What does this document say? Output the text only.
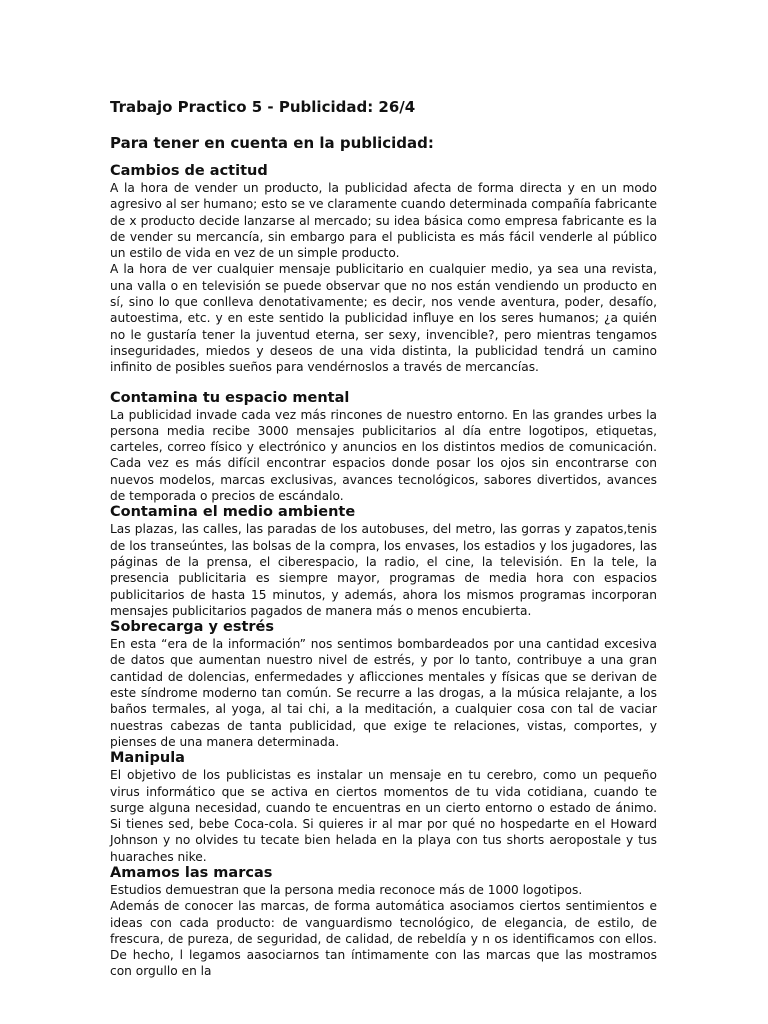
Trabajo Practico 5 - Publicidad: 26/4
Para tener en cuenta en la publicidad:
Cambios de actitud

A la hora de vender un producto, la publicidad afecta de forma directa y en un modo agresivo al ser humano; esto se ve claramente cuando determinada compañía fabricante de x producto decide lanzarse al mercado; su idea básica como empresa fabricante es la de vender su mercancía, sin embargo para el publicista es más fácil venderle al público un estilo de vida en vez de un simple producto.

A la hora de ver cualquier mensaje publicitario en cualquier medio, ya sea una revista, una valla o en televisión se puede observar que no nos están vendiendo un producto en sí, sino lo que conlleva denotativamente; es decir, nos vende aventura, poder, desafío, autoestima, etc. y en este sentido la publicidad influye en los seres humanos; ¿a quién no le gustaría tener la juventud eterna, ser sexy, invencible?, pero mientras tengamos inseguridades, miedos y deseos de una vida distinta, la publicidad tendrá un camino infinito de posibles sueños para vendérnoslos a través de mercancías.

Contamina tu espacio mental

La publicidad invade cada vez más rincones de nuestro entorno. En las grandes urbes la persona media recibe 3000 mensajes publicitarios al día entre logotipos, etiquetas, carteles, correo físico y electrónico y anuncios en los distintos medios de comunicación. Cada vez es más difícil encontrar espacios donde posar los ojos sin encontrarse con nuevos modelos, marcas exclusivas, avances tecnológicos, sabores divertidos, avances de temporada o precios de escándalo.

Contamina el medio ambiente

Las plazas, las calles, las paradas de los autobuses, del metro, las gorras y zapatos,tenis de los transeúntes, las bolsas de la compra, los envases, los estadios y los jugadores, las páginas de la prensa, el ciberespacio, la radio, el cine, la televisión. En la tele, la presencia publicitaria es siempre mayor, programas de media hora con espacios publicitarios de hasta 15 minutos, y además, ahora los mismos programas incorporan mensajes publicitarios pagados de manera más o menos encubierta.

Sobrecarga y estrés

En esta “era de la información” nos sentimos bombardeados por una cantidad excesiva de datos que aumentan nuestro nivel de estrés, y por lo tanto, contribuye a una gran cantidad de dolencias, enfermedades y aflicciones mentales y físicas que se derivan de este síndrome moderno tan común. Se recurre a las drogas, a la música relajante, a los baños termales, al yoga, al tai chi, a la meditación, a cualquier cosa con tal de vaciar nuestras cabezas de tanta publicidad, que exige te relaciones, vistas, comportes, y pienses de una manera determinada.

Manipula

El objetivo de los publicistas es instalar un mensaje en tu cerebro, como un pequeño virus informático que se activa en ciertos momentos de tu vida cotidiana, cuando te surge alguna necesidad, cuando te encuentras en un cierto entorno o estado de ánimo. Si tienes sed, bebe Coca-cola. Si quieres ir al mar por qué no hospedarte en el Howard Johnson y no olvides tu tecate bien helada en la playa con tus shorts aeropostale y tus huaraches nike.

Amamos las marcas

Estudios demuestran que la persona media reconoce más de 1000 logotipos.

Además de conocer las marcas, de forma automática asociamos ciertos sentimientos e ideas con cada producto: de vanguardismo tecnológico, de elegancia, de estilo, de frescura, de pureza, de seguridad, de calidad, de rebeldía y n os identificamos con ellos. De hecho, l legamos aasociarnos tan íntimamente con las marcas que las mostramos con orgullo en la
